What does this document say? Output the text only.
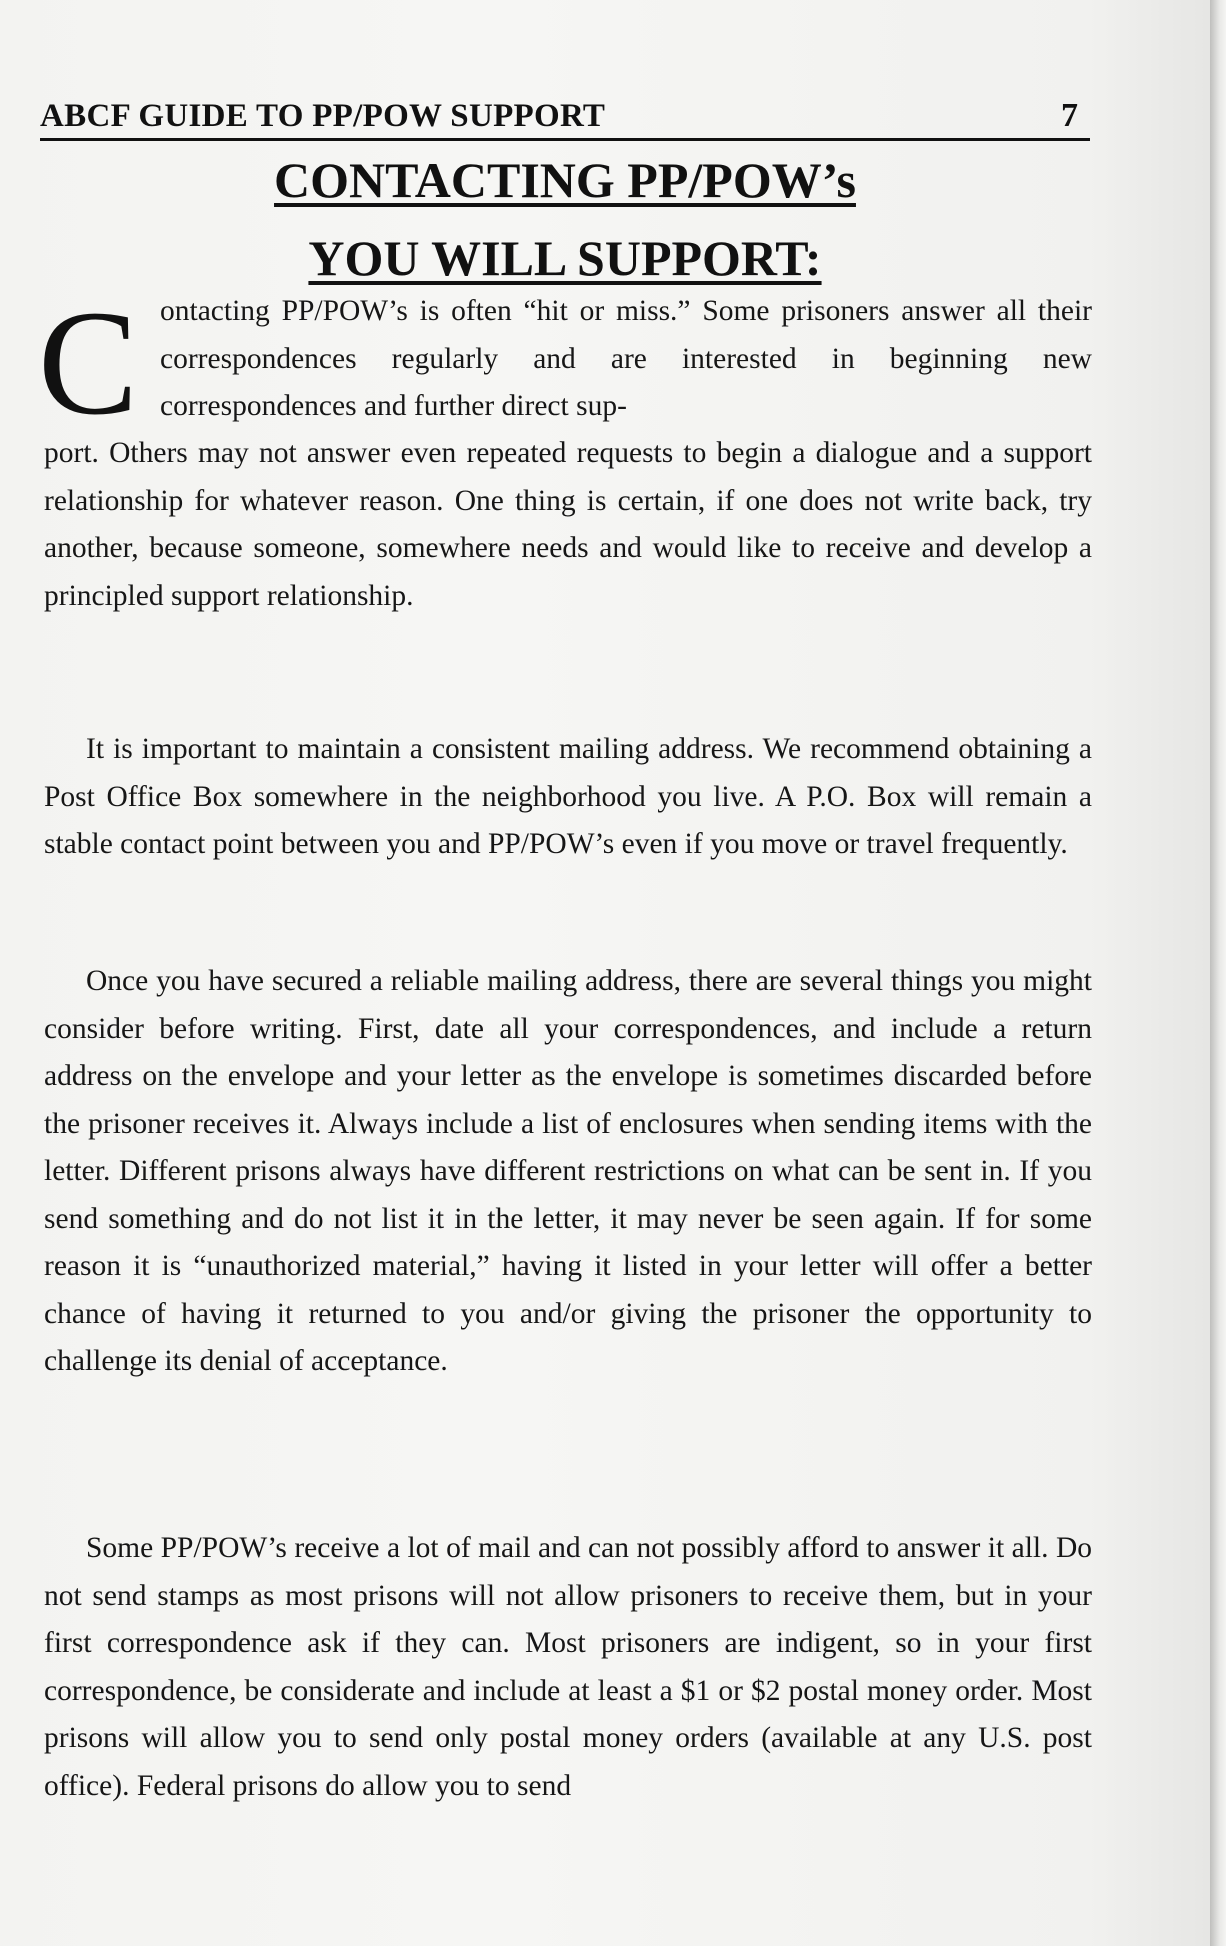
ABCF GUIDE TO PP/POW SUPPORT	7
CONTACTING PP/POW’s
YOU WILL SUPPORT:
C ontacting PP/POW’s is often “hit or miss.” Some prisoners answer all their correspondences regularly and are interested in beginning new correspondences and further direct sup-

port. Others may not answer even repeated requests to begin a dialogue and a support relationship for whatever reason. One thing is certain, if one does not write back, try another, because someone, somewhere needs and would like to receive and develop a principled support relationship.

It is important to maintain a consistent mailing address. We recommend obtaining a Post Office Box somewhere in the neighborhood you live. A P.O. Box will remain a stable contact point between you and PP/POW’s even if you move or travel frequently.

Once you have secured a reliable mailing address, there are several things you might consider before writing. First, date all your correspondences, and include a return address on the envelope and your letter as the envelope is sometimes discarded before the prisoner receives it. Always include a list of enclosures when sending items with the letter. Different prisons always have different restrictions on what can be sent in. If you send something and do not list it in the letter, it may never be seen again. If for some reason it is “unauthorized material,” having it listed in your letter will offer a better chance of having it returned to you and/or giving the prisoner the opportunity to challenge its denial of acceptance.

Some PP/POW’s receive a lot of mail and can not possibly afford to answer it all. Do not send stamps as most prisons will not allow prisoners to receive them, but in your first correspondence ask if they can. Most prisoners are indigent, so in your first correspondence, be considerate and include at least a $1 or $2 postal money order. Most prisons will allow you to send only postal money orders (available at any U.S. post office). Federal prisons do allow you to send
